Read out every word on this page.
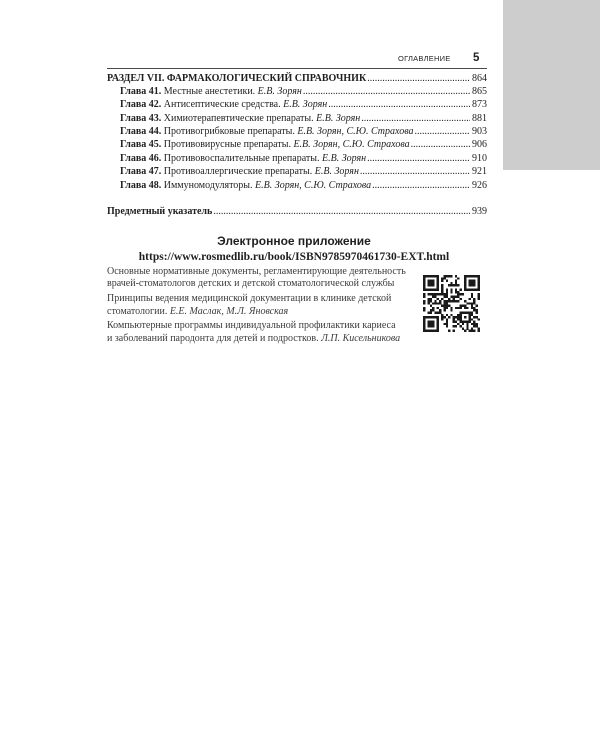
ОГЛАВЛЕНИЕ 5
РАЗДЕЛ VII. ФАРМАКОЛОГИЧЕСКИЙ СПРАВОЧНИК .....	864
Глава 41. Местные анестетики. Е.В. Зорян .....	865
Глава 42. Антисептические средства. Е.В. Зорян .....	873
Глава 43. Химиотерапевтические препараты. Е.В. Зорян .....	881
Глава 44. Противогрибковые препараты. Е.В. Зорян, С.Ю. Страхова .....	903
Глава 45. Противовирусные препараты. Е.В. Зорян, С.Ю. Страхова .....	906
Глава 46. Противовоспалительные препараты. Е.В. Зорян .....	910
Глава 47. Противоаллергические препараты. Е.В. Зорян .....	921
Глава 48. Иммуномодуляторы. Е.В. Зорян, С.Ю. Страхова .....	926
Предметный указатель .....	939
Электронное приложение
https://www.rosmedlib.ru/book/ISBN9785970461730-EXT.html
Основные нормативные документы, регламентирующие деятельность
врачей-стоматологов детских и детской стоматологической службы
Принципы ведения медицинской документации в клинике детской
стоматологии. Е.Е. Маслак, М.Л. Яновская
Компьютерные программы индивидуальной профилактики кариеса
и заболеваний пародонта для детей и подростков. Л.П. Кисельникова
